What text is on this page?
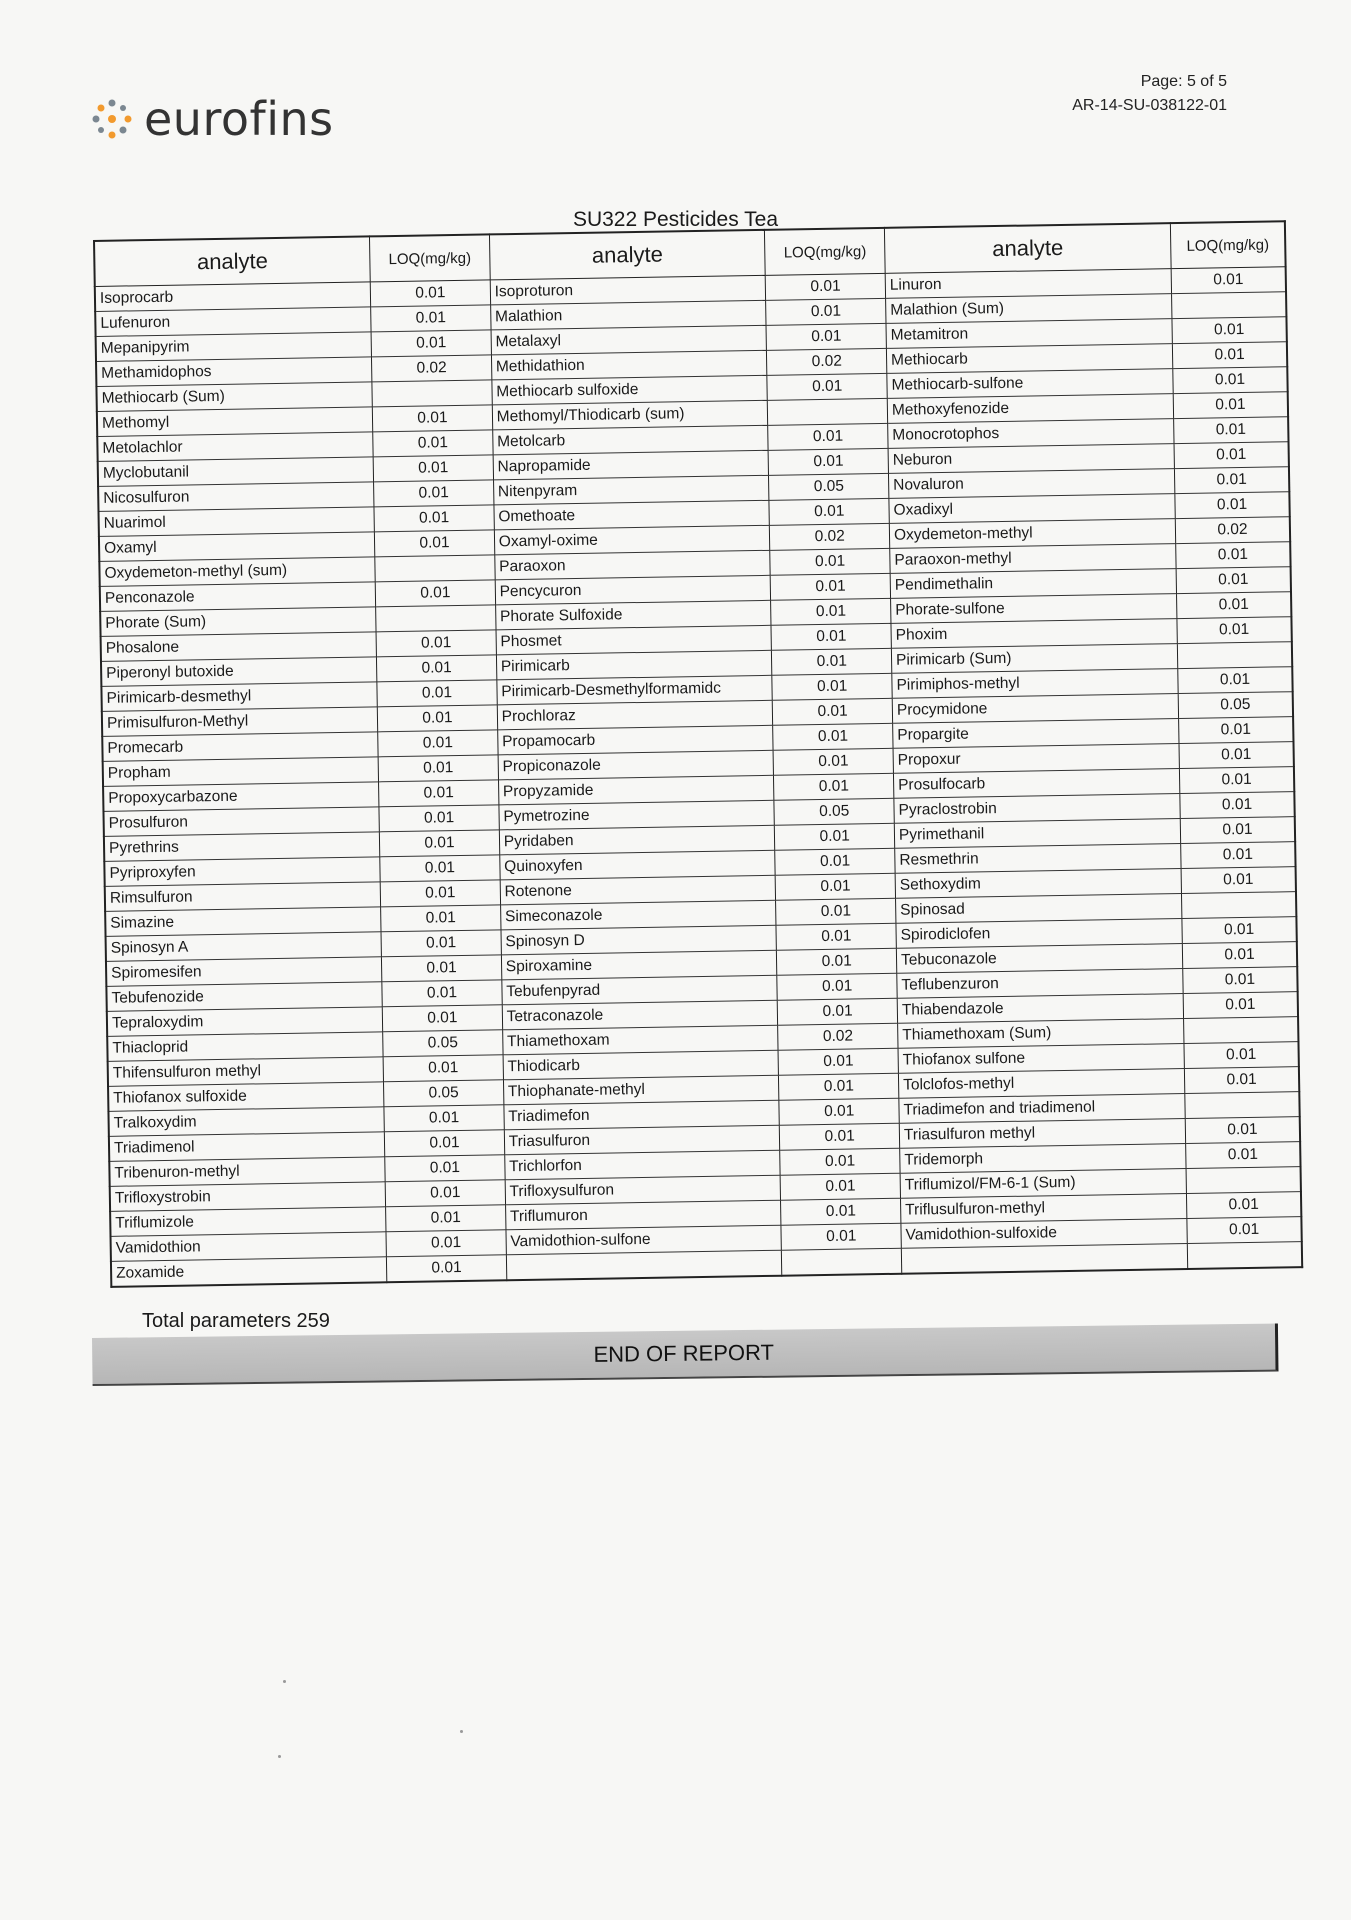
eurofins
Page: 5 of 5
AR-14-SU-038122-01
SU322 Pesticides Tea
analyte	LOQ(mg/kg)	analyte	LOQ(mg/kg)	analyte	LOQ(mg/kg)
Isoprocarb	0.01	Isoproturon	0.01	Linuron	0.01
Lufenuron	0.01	Malathion	0.01	Malathion (Sum)	
Mepanipyrim	0.01	Metalaxyl	0.01	Metamitron	0.01
Methamidophos	0.02	Methidathion	0.02	Methiocarb	0.01
Methiocarb (Sum)		Methiocarb sulfoxide	0.01	Methiocarb-sulfone	0.01
Methomyl	0.01	Methomyl/Thiodicarb (sum)		Methoxyfenozide	0.01
Metolachlor	0.01	Metolcarb	0.01	Monocrotophos	0.01
Myclobutanil	0.01	Napropamide	0.01	Neburon	0.01
Nicosulfuron	0.01	Nitenpyram	0.05	Novaluron	0.01
Nuarimol	0.01	Omethoate	0.01	Oxadixyl	0.01
Oxamyl	0.01	Oxamyl-oxime	0.02	Oxydemeton-methyl	0.02
Oxydemeton-methyl (sum)		Paraoxon	0.01	Paraoxon-methyl	0.01
Penconazole	0.01	Pencycuron	0.01	Pendimethalin	0.01
Phorate (Sum)		Phorate Sulfoxide	0.01	Phorate-sulfone	0.01
Phosalone	0.01	Phosmet	0.01	Phoxim	0.01
Piperonyl butoxide	0.01	Pirimicarb	0.01	Pirimicarb (Sum)	
Pirimicarb-desmethyl	0.01	Pirimicarb-Desmethylformamidc	0.01	Pirimiphos-methyl	0.01
Primisulfuron-Methyl	0.01	Prochloraz	0.01	Procymidone	0.05
Promecarb	0.01	Propamocarb	0.01	Propargite	0.01
Propham	0.01	Propiconazole	0.01	Propoxur	0.01
Propoxycarbazone	0.01	Propyzamide	0.01	Prosulfocarb	0.01
Prosulfuron	0.01	Pymetrozine	0.05	Pyraclostrobin	0.01
Pyrethrins	0.01	Pyridaben	0.01	Pyrimethanil	0.01
Pyriproxyfen	0.01	Quinoxyfen	0.01	Resmethrin	0.01
Rimsulfuron	0.01	Rotenone	0.01	Sethoxydim	0.01
Simazine	0.01	Simeconazole	0.01	Spinosad	
Spinosyn A	0.01	Spinosyn D	0.01	Spirodiclofen	0.01
Spiromesifen	0.01	Spiroxamine	0.01	Tebuconazole	0.01
Tebufenozide	0.01	Tebufenpyrad	0.01	Teflubenzuron	0.01
Tepraloxydim	0.01	Tetraconazole	0.01	Thiabendazole	0.01
Thiacloprid	0.05	Thiamethoxam	0.02	Thiamethoxam (Sum)	
Thifensulfuron methyl	0.01	Thiodicarb	0.01	Thiofanox sulfone	0.01
Thiofanox sulfoxide	0.05	Thiophanate-methyl	0.01	Tolclofos-methyl	0.01
Tralkoxydim	0.01	Triadimefon	0.01	Triadimefon and triadimenol	
Triadimenol	0.01	Triasulfuron	0.01	Triasulfuron methyl	0.01
Tribenuron-methyl	0.01	Trichlorfon	0.01	Tridemorph	0.01
Trifloxystrobin	0.01	Trifloxysulfuron	0.01	Triflumizol/FM-6-1 (Sum)	
Triflumizole	0.01	Triflumuron	0.01	Triflusulfuron-methyl	0.01
Vamidothion	0.01	Vamidothion-sulfone	0.01	Vamidothion-sulfoxide	0.01
Zoxamide	0.01				
Total parameters 259
END OF REPORT
